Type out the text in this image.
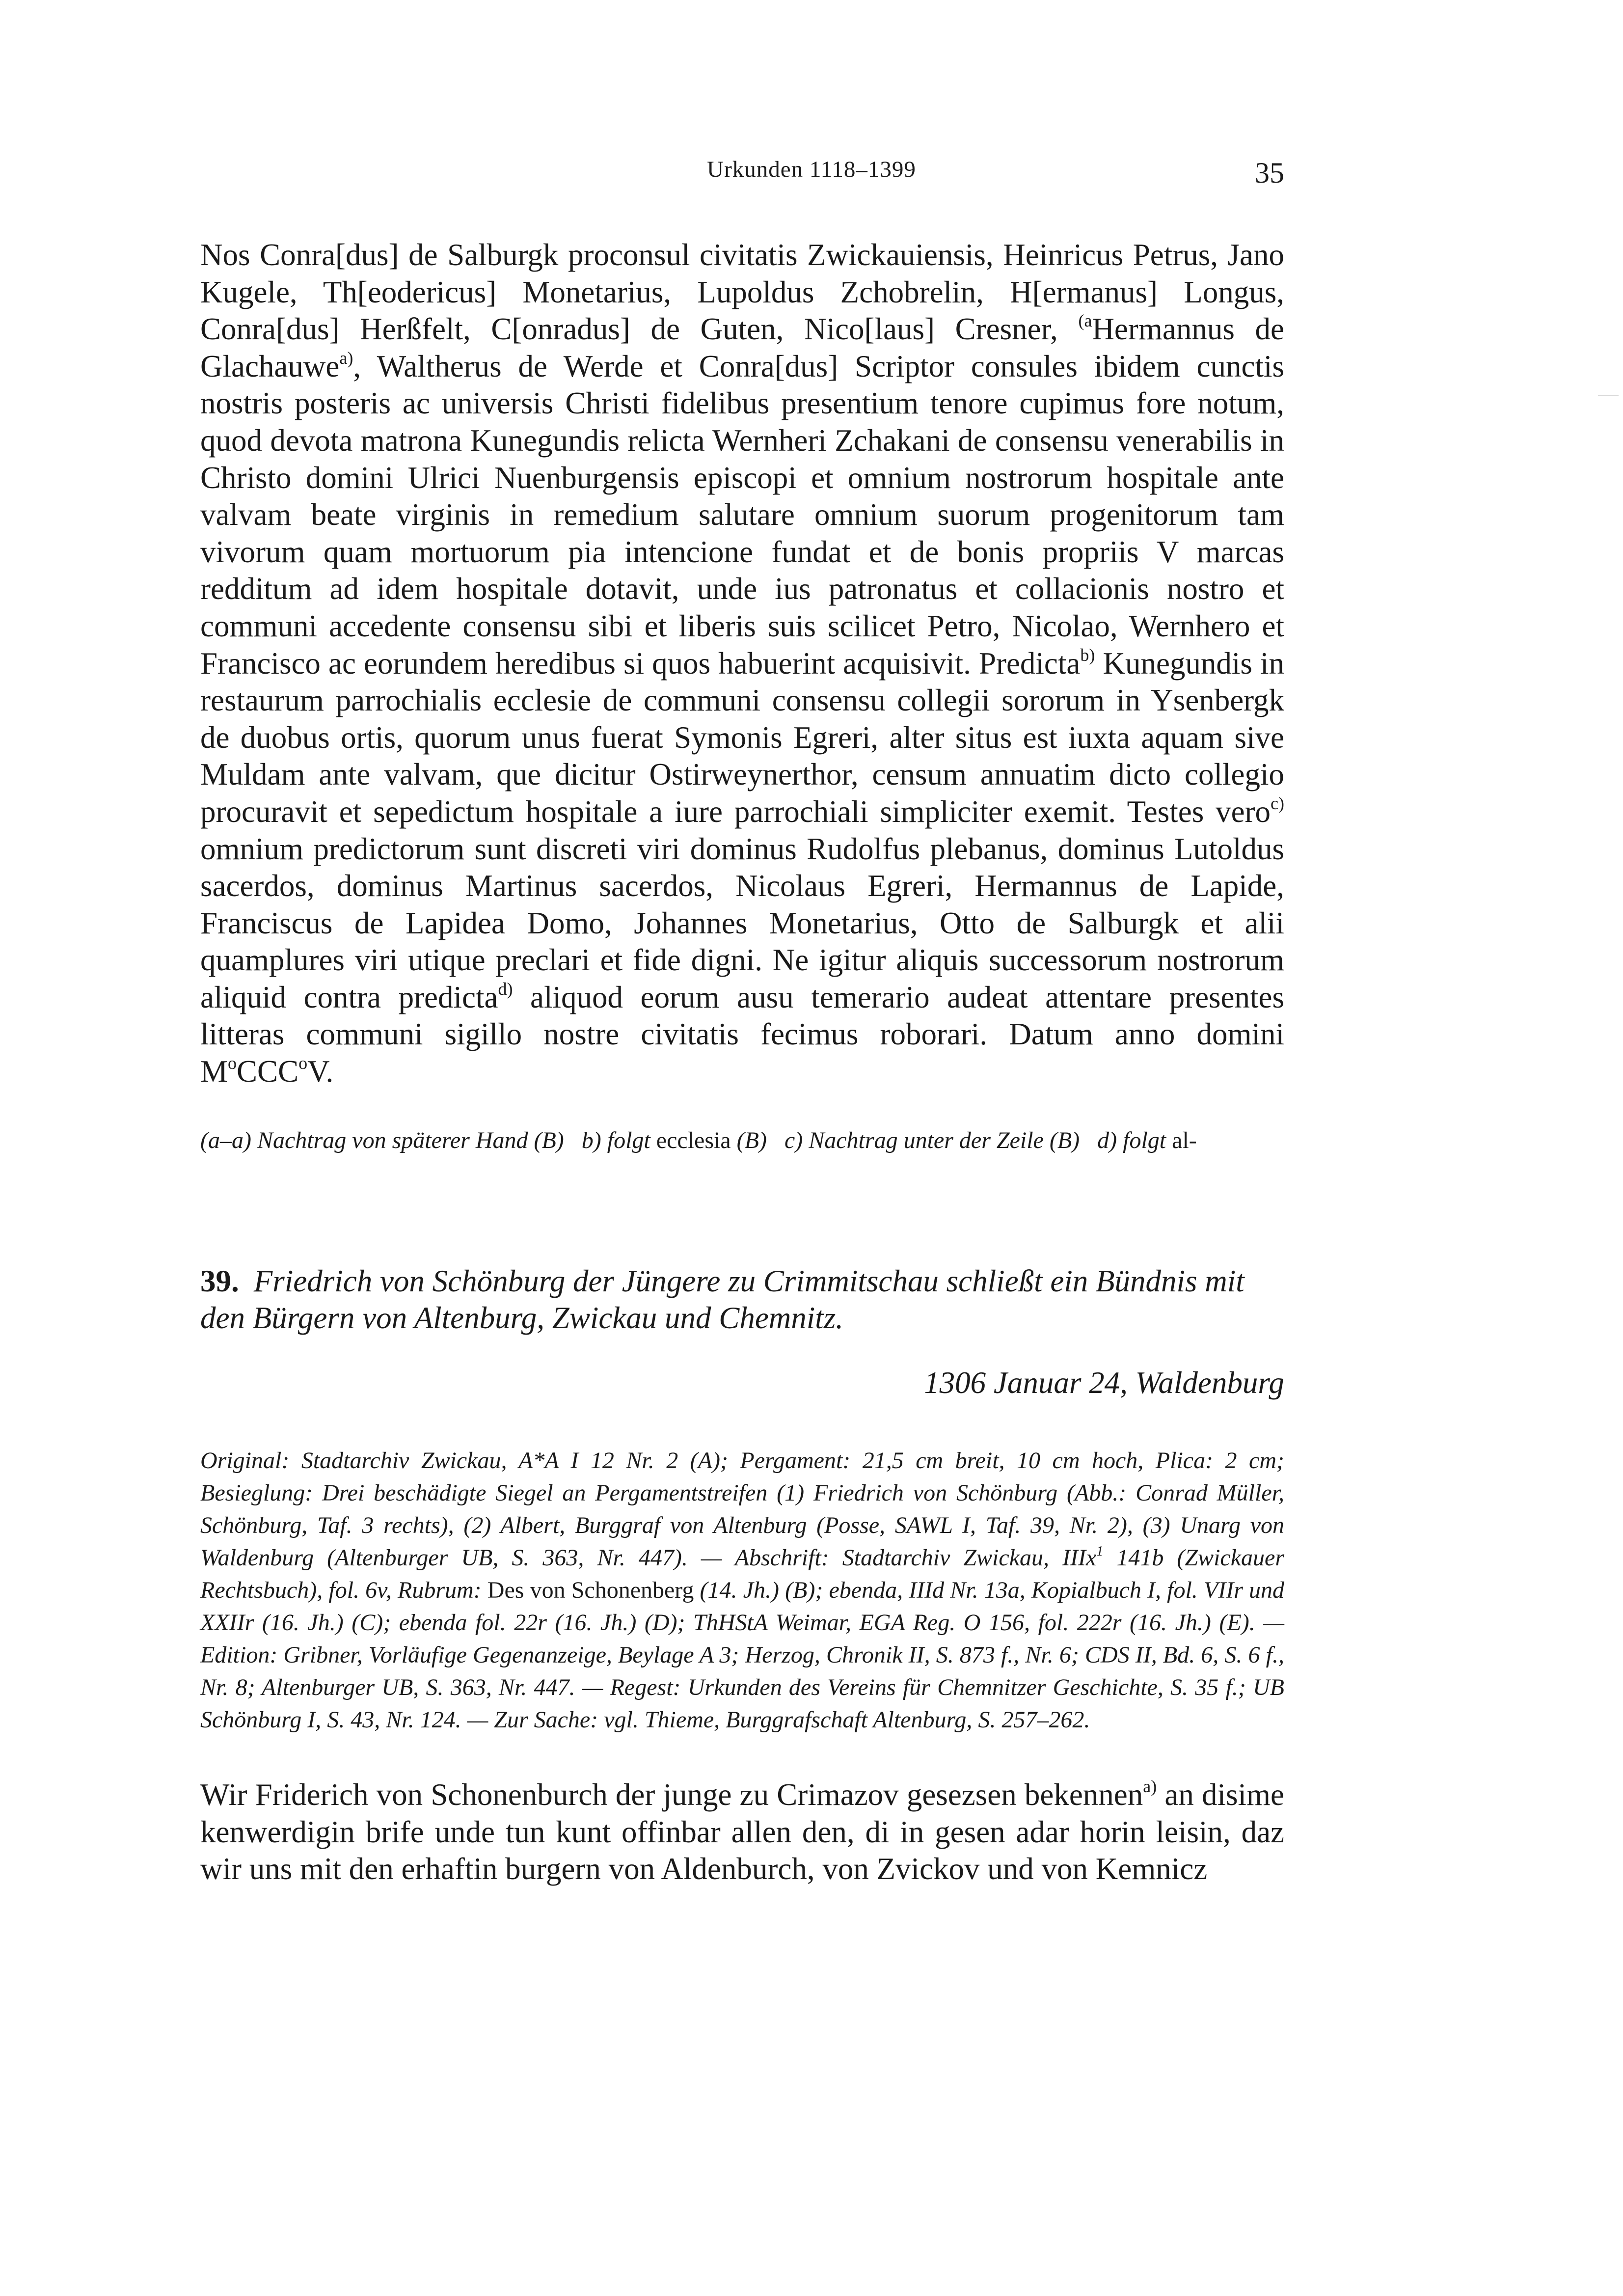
Urkunden 1118–1399	35

Nos Conra[dus] de Salburgk proconsul civitatis Zwickauiensis, Heinricus Petrus, Jano Kugele, Th[eodericus] Monetarius, Lupoldus Zchobrelin, H[ermanus] Longus, Conra[dus] Herßfelt, C[onradus] de Guten, Nico[laus] Cresner, $^{(a}$Hermannus de Glachauwe$^{a)}$, Waltherus de Werde et Conra[dus] Scriptor consules ibidem cunctis nostris posteris ac universis Christi fidelibus presentium tenore cupimus fore notum, quod devota matrona Kunegundis relicta Wernheri Zchakani de consensu venerabilis in Christo domini Ulrici Nuenburgensis episcopi et omnium nostrorum hospitale ante valvam beate virginis in remedium salutare omnium suorum progenitorum tam vivorum quam mortuorum pia intencione fundat et de bonis propriis V marcas redditum ad idem hospitale dotavit, unde ius patronatus et collacionis nostro et communi accedente consensu sibi et liberis suis scilicet Petro, Nicolao, Wernhero et Francisco ac eorundem heredibus si quos habuerint acquisivit. Predicta$^{b)}$ Kunegundis in restaurum parrochialis ecclesie de communi consensu collegii sororum in Ysenbergk de duobus ortis, quorum unus fuerat Symonis Egreri, alter situs est iuxta aquam sive Muldam ante valvam, que dicitur Ostirweynerthor, censum annuatim dicto collegio procuravit et sepedictum hospitale a iure parrochiali simpliciter exemit. Testes vero$^{c)}$ omnium predictorum sunt discreti viri dominus Rudolfus plebanus, dominus Lutoldus sacerdos, dominus Martinus sacerdos, Nicolaus Egreri, Hermannus de Lapide, Franciscus de Lapidea Domo, Johannes Monetarius, Otto de Salburgk et alii quamplures viri utique preclari et fide digni. Ne igitur aliquis successorum nostrorum aliquid contra predicta$^{d)}$ aliquod eorum ausu temerario audeat attentare presentes litteras communi sigillo nostre civitatis fecimus roborari. Datum anno domini $M^oCCC^oV$.

(a–a) Nachtrag von späterer Hand (B) b) folgt ecclesia (B) c) Nachtrag unter der Zeile (B) d) folgt al-

39. Friedrich von Schönburg der Jüngere zu Crimmitschau schließt ein Bündnis mit den Bürgern von Altenburg, Zwickau und Chemnitz.

1306 Januar 24, Waldenburg

Original: Stadtarchiv Zwickau, A*A I 12 Nr. 2 (A); Pergament: 21,5 cm breit, 10 cm hoch, Plica: 2 cm; Besieglung: Drei beschädigte Siegel an Pergamentstreifen (1) Friedrich von Schönburg (Abb.: Conrad Müller, Schönburg, Taf. 3 rechts), (2) Albert, Burggraf von Altenburg (Posse, SAWL I, Taf. 39, Nr. 2), (3) Unarg von Waldenburg (Altenburger UB, S. 363, Nr. 447). — Abschrift: Stadtarchiv Zwickau, IIIx$^1$ 141b (Zwickauer Rechtsbuch), fol. 6v, Rubrum: Des von Schonenberg (14. Jh.) (B); ebenda, IIId Nr. 13a, Kopialbuch I, fol. VIIr und XXIIr (16. Jh.) (C); ebenda fol. 22r (16. Jh.) (D); ThHStA Weimar, EGA Reg. O 156, fol. 222r (16. Jh.) (E). — Edition: Gribner, Vorläufige Gegenanzeige, Beylage A 3; Herzog, Chronik II, S. 873 f., Nr. 6; CDS II, Bd. 6, S. 6 f., Nr. 8; Altenburger UB, S. 363, Nr. 447. — Regest: Urkunden des Vereins für Chemnitzer Geschichte, S. 35 f.; UB Schönburg I, S. 43, Nr. 124. — Zur Sache: vgl. Thieme, Burggrafschaft Altenburg, S. 257–262.

Wir Friderich von Schonenburch der junge zu Crimazov gesezsen bekennen$^{a)}$ an disime kenwerdigin brife unde tun kunt offinbar allen den, di in gesen adar horin leisin, daz wir uns mit den erhaftin burgern von Aldenburch, von Zvickov und von Kemnicz
